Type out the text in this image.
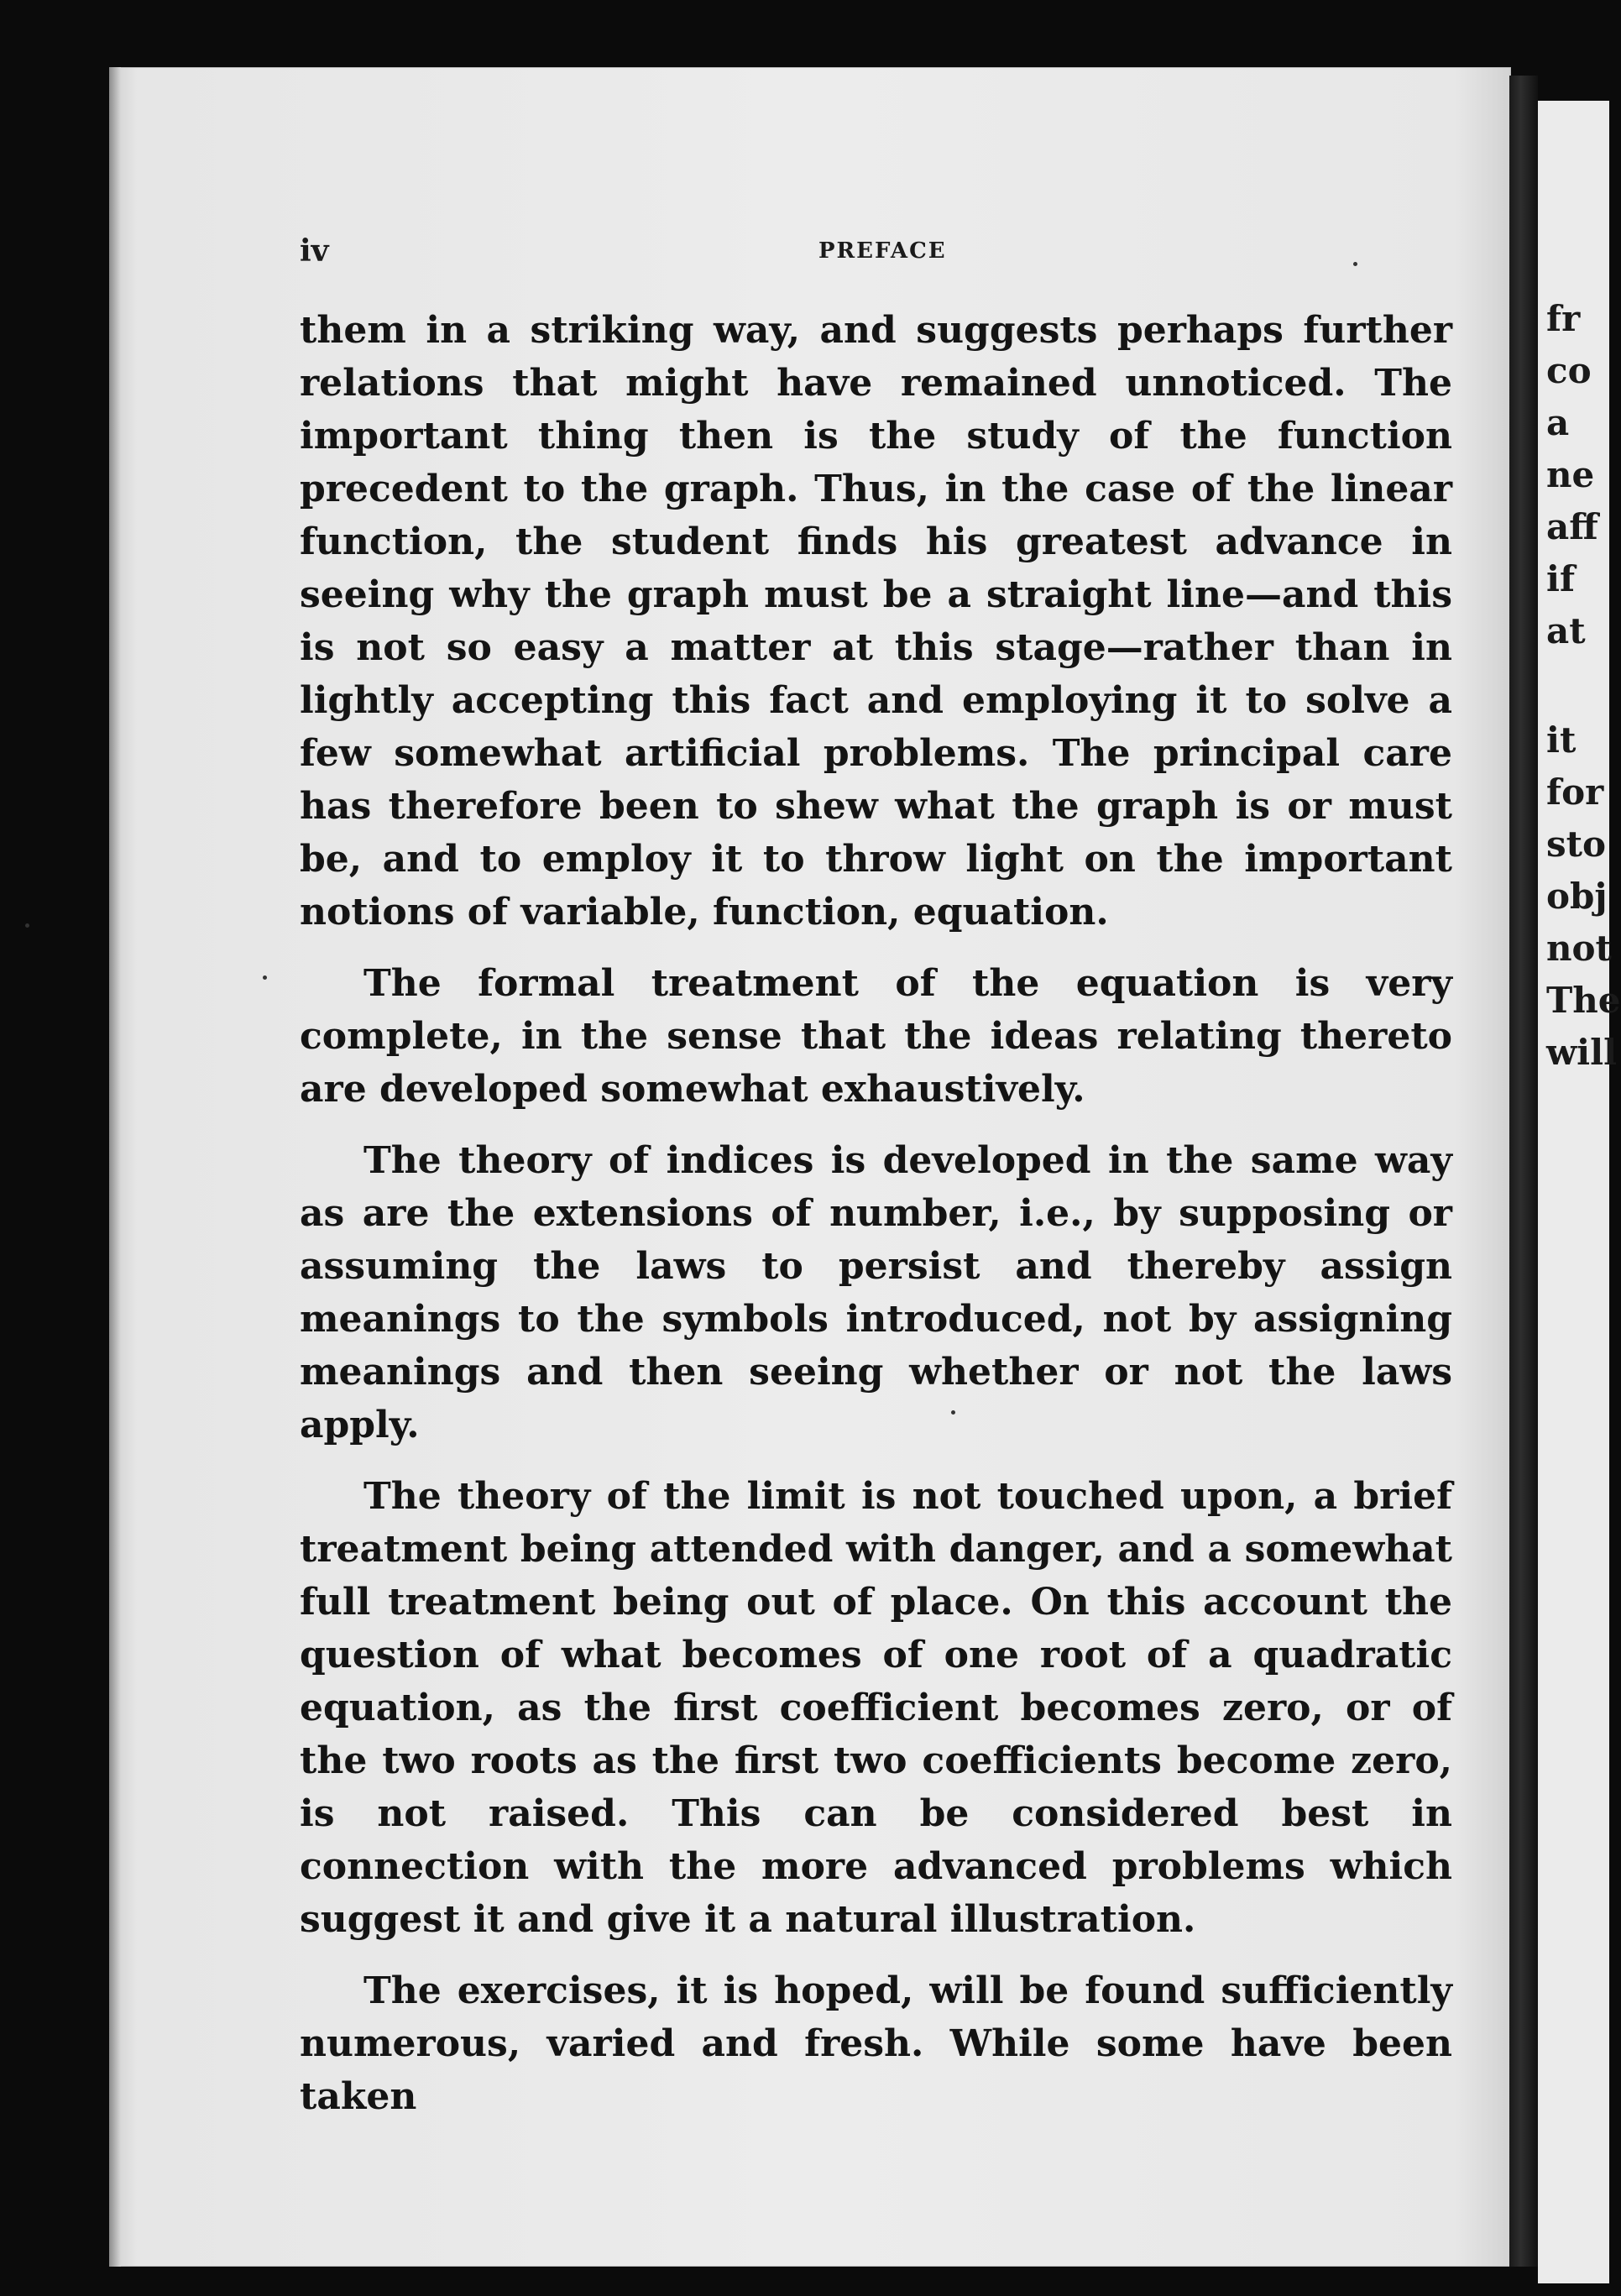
fr
co
a
ne
aff
if
at
it
for
sto
obj
not
The
will
iv	PREFACE

them in a striking way, and suggests perhaps further relations that might have remained unnoticed. The important thing then is the study of the function precedent to the graph. Thus, in the case of the linear function, the student finds his greatest advance in seeing why the graph must be a straight line—and this is not so easy a matter at this stage—rather than in lightly accepting this fact and employing it to solve a few somewhat artificial problems. The principal care has therefore been to shew what the graph is or must be, and to employ it to throw light on the important notions of variable, function, equation.

The formal treatment of the equation is very complete, in the sense that the ideas relating thereto are developed somewhat exhaustively.

The theory of indices is developed in the same way as are the extensions of number, i.e., by supposing or assuming the laws to persist and thereby assign meanings to the symbols introduced, not by assigning meanings and then seeing whether or not the laws apply.

The theory of the limit is not touched upon, a brief treatment being attended with danger, and a somewhat full treatment being out of place. On this account the question of what becomes of one root of a quadratic equation, as the first coefficient becomes zero, or of the two roots as the first two coefficients become zero, is not raised. This can be considered best in connection with the more advanced problems which suggest it and give it a natural illustration.

The exercises, it is hoped, will be found sufficiently numerous, varied and fresh. While some have been taken
